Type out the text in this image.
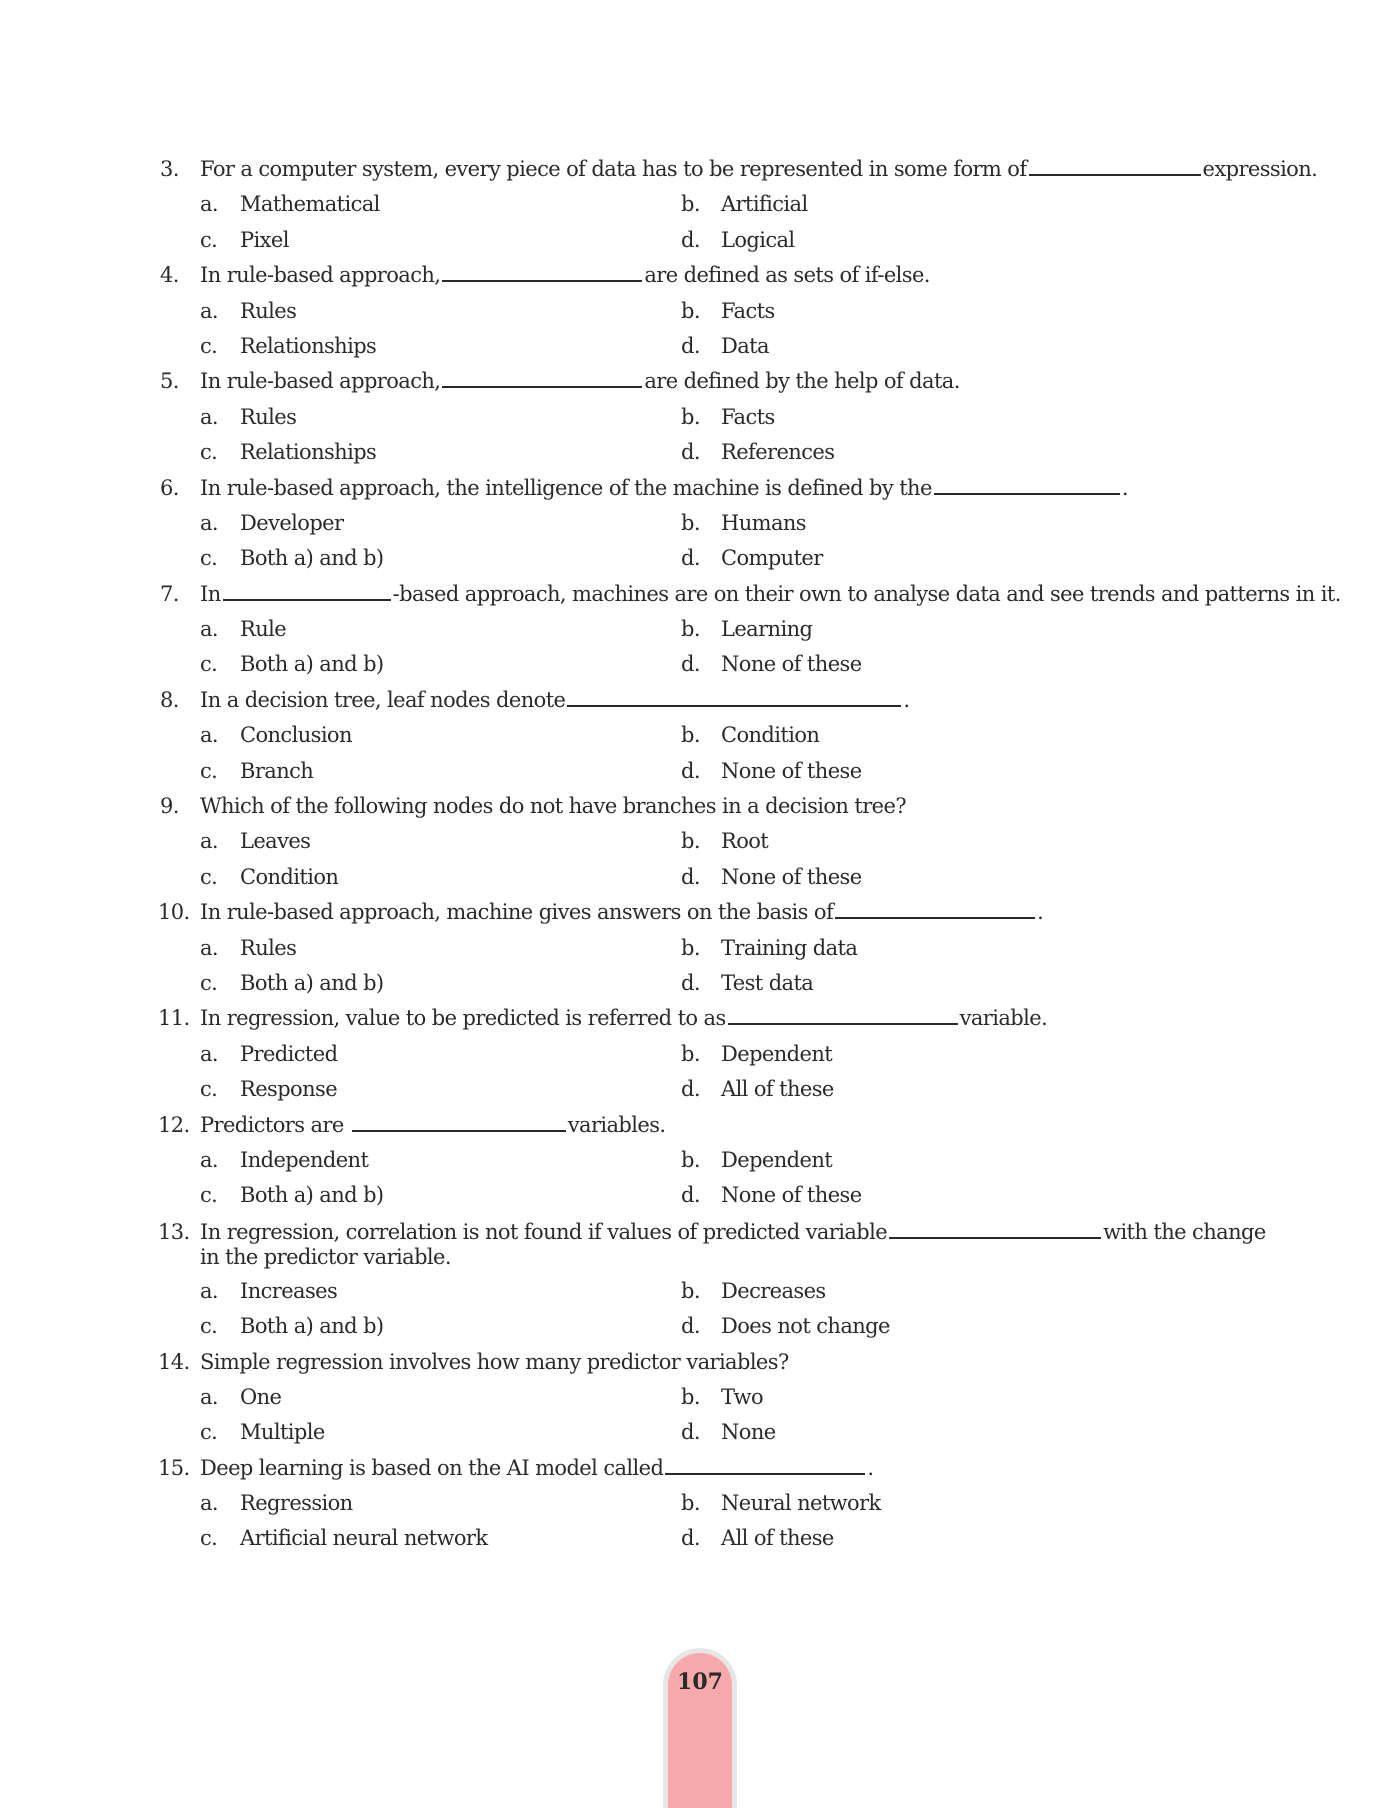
3.	For a computer system, every piece of data has to be represented in some form of	expression.
a. Mathematical	b. Artificial
c. Pixel	d. Logical
4.	In rule-based approach,	are defined as sets of if-else.
a. Rules	b. Facts
c. Relationships	d. Data
5.	In rule-based approach,	are defined by the help of data.
a. Rules	b. Facts
c. Relationships	d. References
6.	In rule-based approach, the intelligence of the machine is defined by the	.
a. Developer	b. Humans
c. Both a) and b)	d. Computer
7.	In	-based approach, machines are on their own to analyse data and see trends and patterns in it.
a. Rule	b. Learning
c. Both a) and b)	d. None of these
8.	In a decision tree, leaf nodes denote	.
a. Conclusion	b. Condition
c. Branch	d. None of these
9.	Which of the following nodes do not have branches in a decision tree?
a. Leaves	b. Root
c. Condition	d. None of these
10. In rule-based approach, machine gives answers on the basis of	.
a. Rules	b. Training data
c. Both a) and b)	d. Test data
11. In regression, value to be predicted is referred to as	variable.
a. Predicted	b. Dependent
c. Response	d. All of these
12. Predictors are	variables.
a. Independent	b. Dependent
c. Both a) and b)	d. None of these
13. In regression, correlation is not found if values of predicted variable	with the change in the predictor variable.
a. Increases	b. Decreases
c. Both a) and b)	d. Does not change
14. Simple regression involves how many predictor variables?
a. One	b. Two
c. Multiple	d. None
15. Deep learning is based on the AI model called	.
a. Regression	b. Neural network
c. Artificial neural network	d. All of these
107
